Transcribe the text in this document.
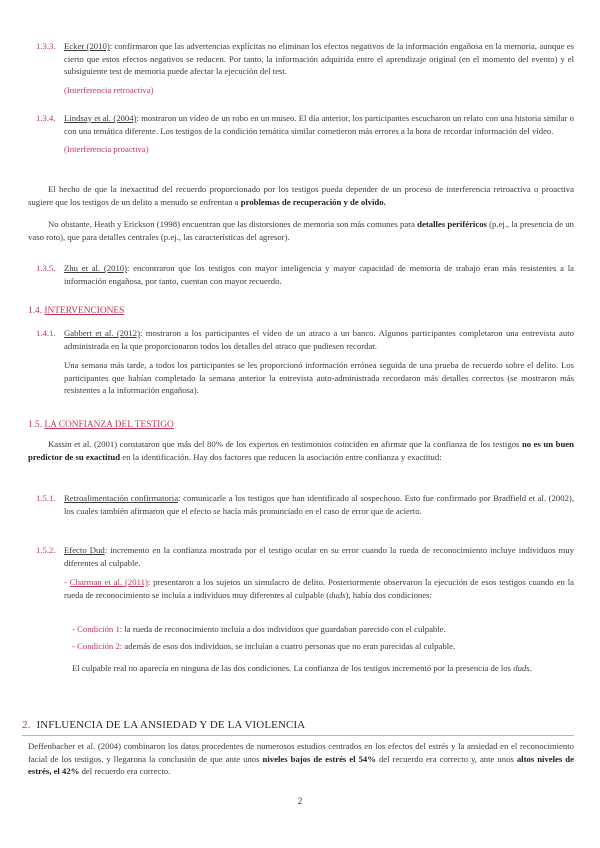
1.3.3. Ecker (2010): confirmaron que las advertencias explícitas no eliminan los efectos negativos de la información engañosa en la memoria, aunque es cierto que estos efectos negativos se reducen. Por tanto, la información adquirida entre el aprendizaje original (en el momento del evento) y el subsiguiente test de memoria puede afectar la ejecución del test.

(Interferencia retroactiva)

1.3.4. Lindsay et al. (2004): mostraron un vídeo de un robo en un museo. El día anterior, los participantes escucharon un relato con una historia similar o con una temática diferente. Los testigos de la condición temática similar cometieron más errores a la hora de recordar información del vídeo.

(Interferencia proactiva)

El hecho de que la inexactitud del recuerdo proporcionado por los testigos pueda depender de un proceso de interferencia retroactiva o proactiva sugiere que los testigos de un delito a menudo se enfrentan a problemas de recuperación y de olvido.

No obstante, Heath y Erickson (1998) encuentran que las distorsiones de memoria son más comunes para detalles periféricos (p.ej., la presencia de un vaso roto), que para detalles centrales (p.ej., las características del agresor).

1.3.5. Zhu et al. (2010): encontraron que los testigos con mayor inteligencia y mayor capacidad de memoria de trabajo eran más resistentes a la información engañosa, por tanto, cuentan con mayor recuerdo.

1.4. INTERVENCIONES
1.4.1. Gabbert et al. (2012): mostraron a los participantes el vídeo de un atraco a un banco. Algunos participantes completaron una entrevista auto administrada en la que proporcionaron todos los detalles del atraco que pudiesen recordar.

Una semana más tarde, a todos los participantes se les proporcionó información errónea seguida de una prueba de recuerdo sobre el delito. Los participantes que habían completado la semana anterior la entrevista auto-administrada recordaron más detalles correctos (se mostraron más resistentes a la información engañosa).

1.5. LA CONFIANZA DEL TESTIGO

Kassin et al. (2001) constataron que más del 80% de los expertos en testimonios coinciden en afirmar que la confianza de los testigos no es un buen predictor de su exactitud en la identificación. Hay dos factores que reducen la asociación entre confianza y exactitud:

1.5.1. Retroalimentación confirmatoria: comunicarle a los testigos que han identificado al sospechoso. Esto fue confirmado por Bradfield et al. (2002), los cuales también afirmaron que el efecto se hacía más pronunciado en el caso de error que de acierto.

1.5.2. Efecto Dud: incremento en la confianza mostrada por el testigo ocular en su error cuando la rueda de reconocimiento incluye individuos muy diferentes al culpable.

- Charman et al. (2011): presentaron a los sujetos un simulacro de delito. Posteriormente observaron la ejecución de esos testigos cuando en la rueda de reconocimiento se incluía a individuos muy diferentes al culpable (duds), había dos condiciones:

- Condición 1: la rueda de reconocimiento incluía a dos individuos que guardaban parecido con el culpable.

- Condición 2: además de esos dos individuos, se incluían a cuatro personas que no eran parecidas al culpable.

El culpable real no aparecía en ninguna de las dos condiciones. La confianza de los testigos incrementó por la presencia de los duds.

2. INFLUENCIA DE LA ANSIEDAD Y DE LA VIOLENCIA

Deffenbacher et al. (2004) combinaron los datos procedentes de numerosos estudios centrados en los efectos del estrés y la ansiedad en el reconocimiento facial de los testigos, y llegarona la conclusión de que ante unos niveles bajos de estrés el 54% del recuerdo era correcto y, ante unos altos niveles de estrés, el 42% del recuerdo era correcto.

2
